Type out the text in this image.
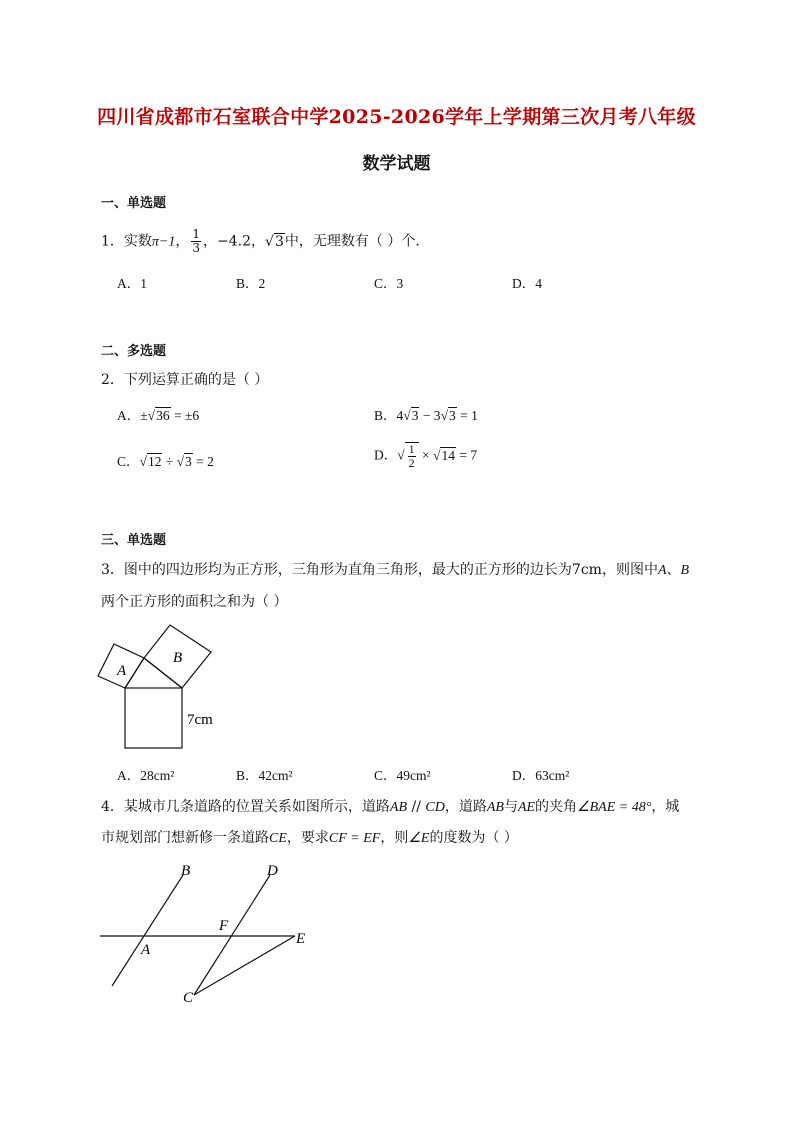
四川省成都市石室联合中学2025-2026学年上学期第三次月考八年级
数学试题
一、单选题
1．实数π−1， $\frac{1}{3}$ ，−4.2，√3中，无理数有（ ）个．
A．1	B．2	C．3	D．4
二、多选题
2．下列运算正确的是（ ）
A．±√36 = ±6	B．4√3 − 3√3 = 1
C．√12 ÷ √3 = 2	D．√ $\frac{1}{2} \times √14 = 7$
三、单选题
3．图中的四边形均为正方形，三角形为直角三角形，最大的正方形的边长为7cm，则图中A、B
两个正方形的面积之和为（ ）
A
B
7cm
A．28cm²	B．42cm²	C．49cm²	D．63cm²
4．某城市几条道路的位置关系如图所示，道路AB // CD，道路AB与AE的夹角∠BAE = 48°，城
市规划部门想新修一条道路CE，要求CF = EF，则∠E的度数为（ ）
B	D
F
E
A
C
